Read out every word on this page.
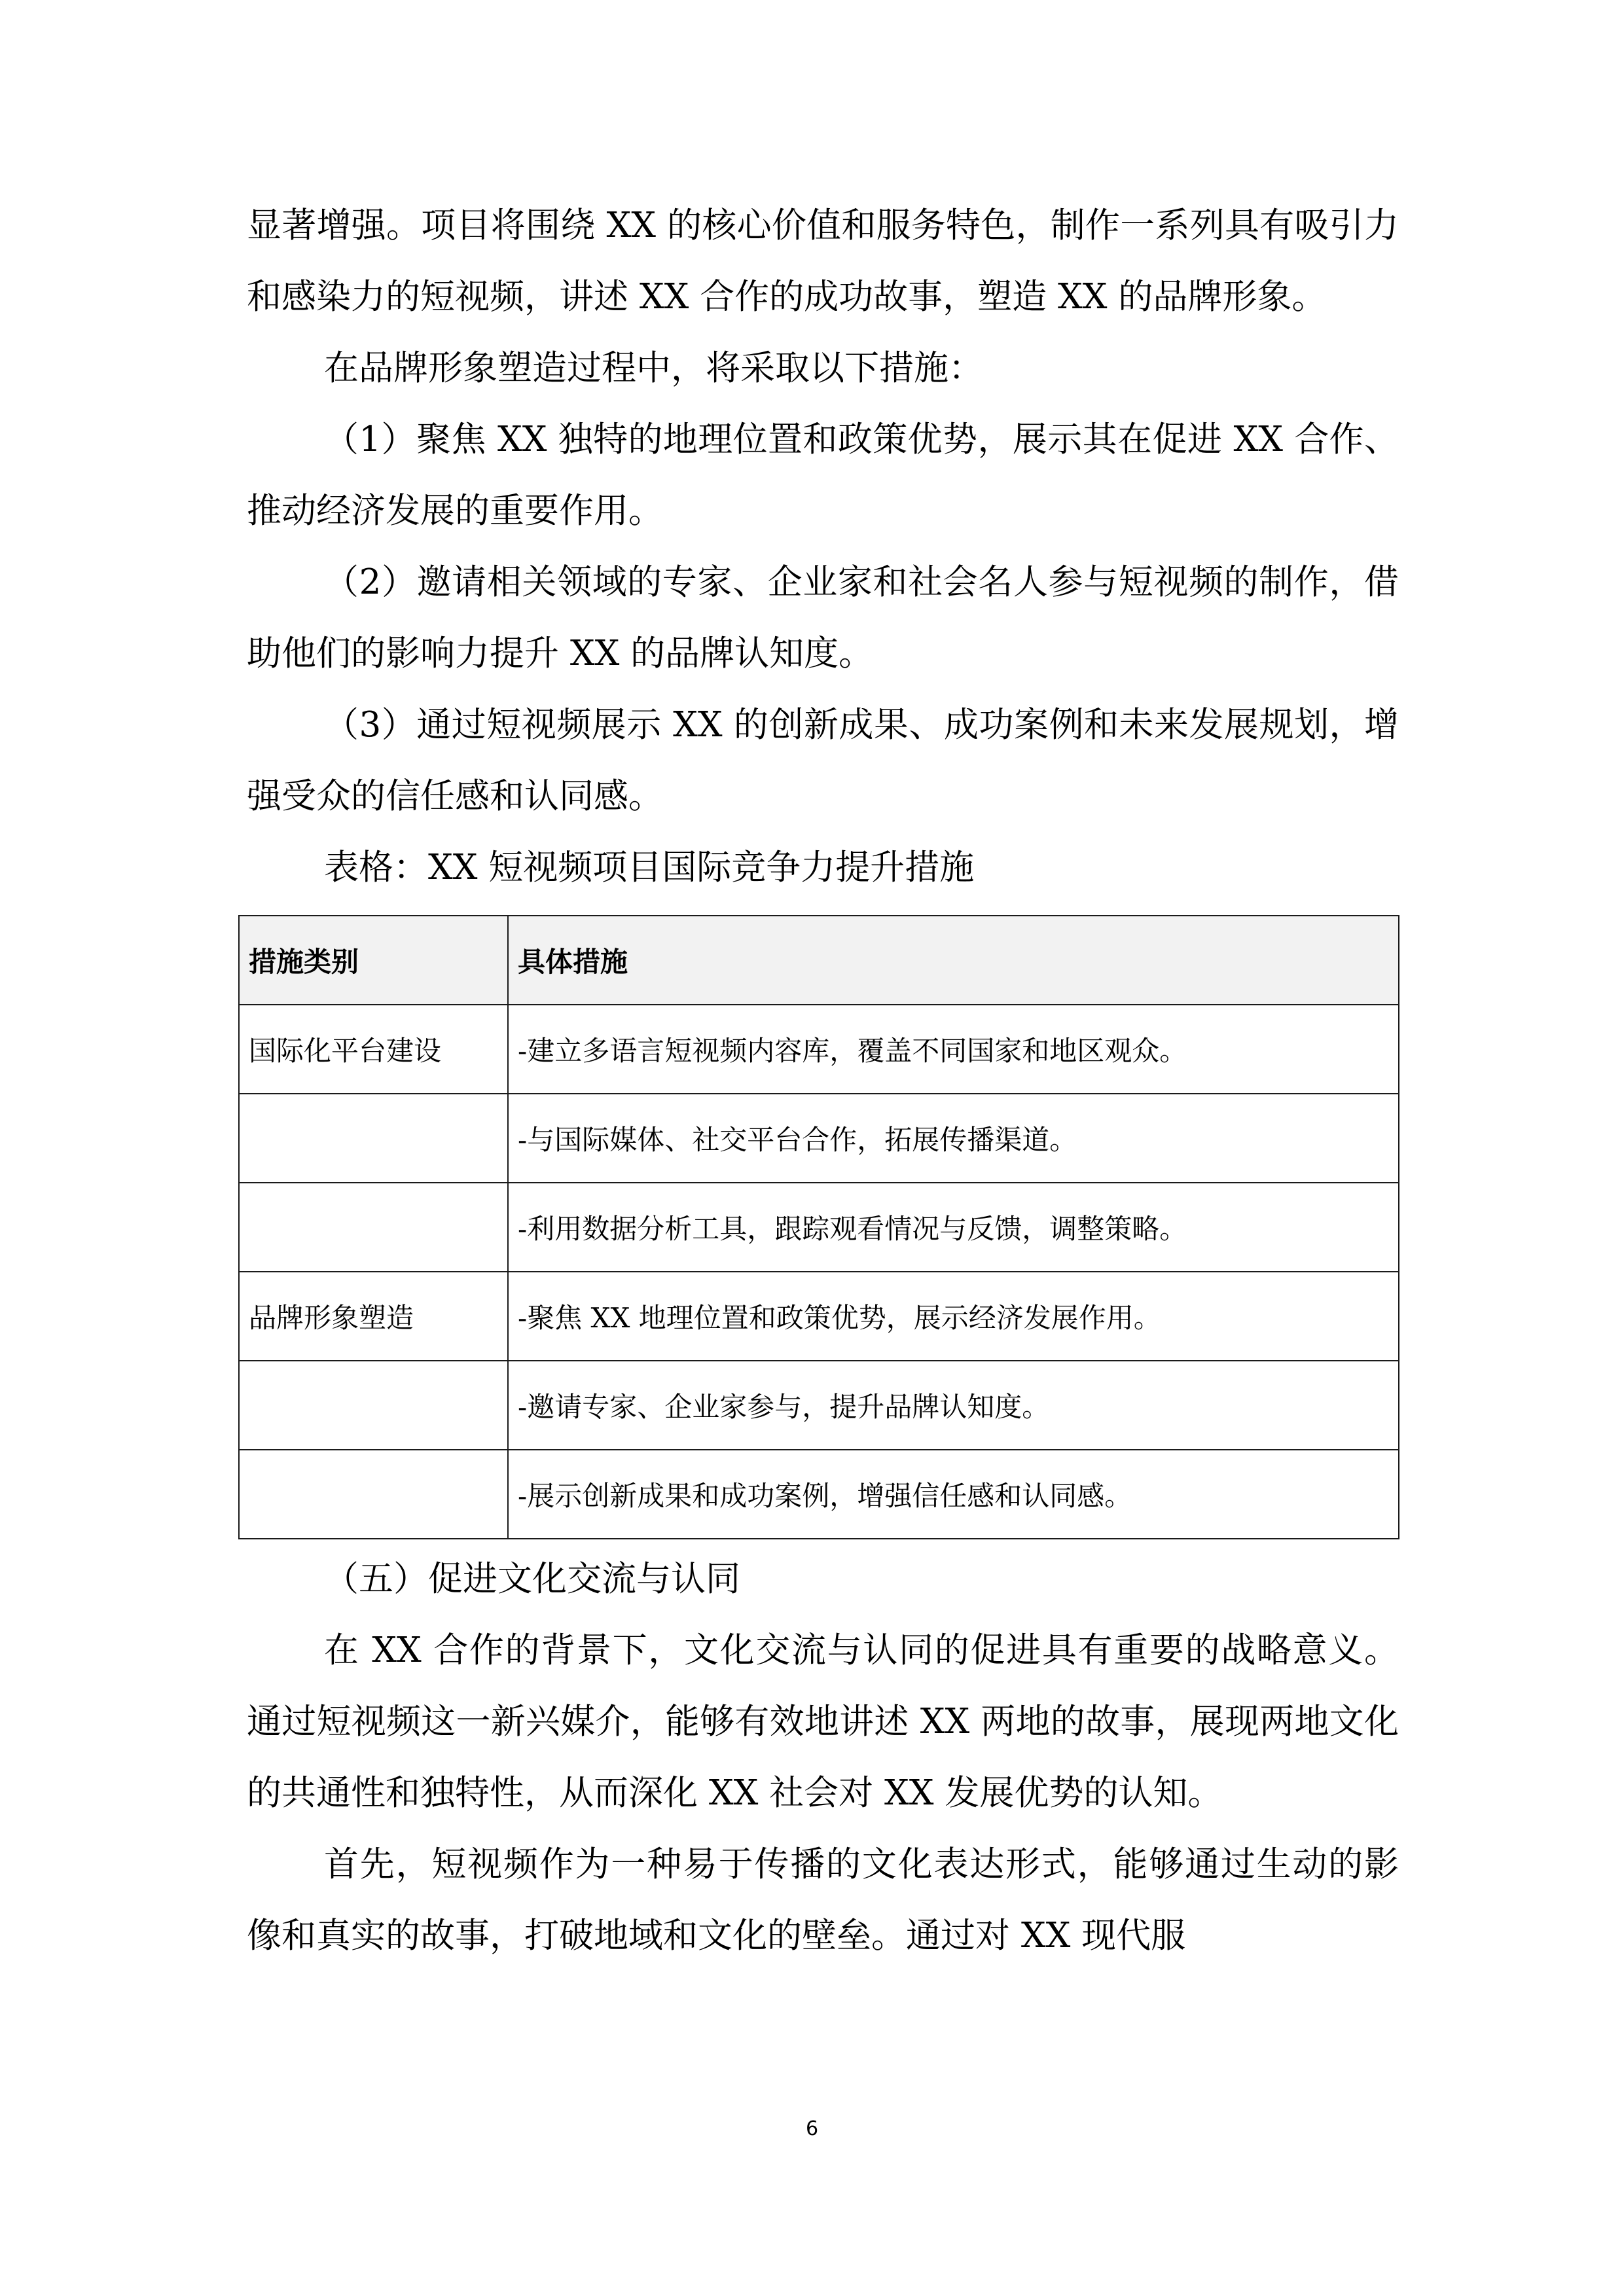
显著增强。项目将围绕 XX 的核心价值和服务特色，制作一系列具有吸引力和感染力的短视频，讲述 XX 合作的成功故事，塑造 XX 的品牌形象。

在品牌形象塑造过程中，将采取以下措施：

（1）聚焦 XX 独特的地理位置和政策优势，展示其在促进 XX 合作、推动经济发展的重要作用。

（2）邀请相关领域的专家、企业家和社会名人参与短视频的制作，借助他们的影响力提升 XX 的品牌认知度。

（3）通过短视频展示 XX 的创新成果、成功案例和未来发展规划，增强受众的信任感和认同感。

表格：XX 短视频项目国际竞争力提升措施

措施类别	具体措施
国际化平台建设	-建立多语言短视频内容库，覆盖不同国家和地区观众。
	-与国际媒体、社交平台合作，拓展传播渠道。
	-利用数据分析工具，跟踪观看情况与反馈，调整策略。
品牌形象塑造	-聚焦 XX 地理位置和政策优势，展示经济发展作用。
	-邀请专家、企业家参与，提升品牌认知度。
	-展示创新成果和成功案例，增强信任感和认同感。

（五）促进文化交流与认同

在 XX 合作的背景下，文化交流与认同的促进具有重要的战略意义。通过短视频这一新兴媒介，能够有效地讲述 XX 两地的故事，展现两地文化的共通性和独特性，从而深化 XX 社会对 XX 发展优势的认知。

首先，短视频作为一种易于传播的文化表达形式，能够通过生动的影像和真实的故事，打破地域和文化的壁垒。通过对 XX 现代服

6
